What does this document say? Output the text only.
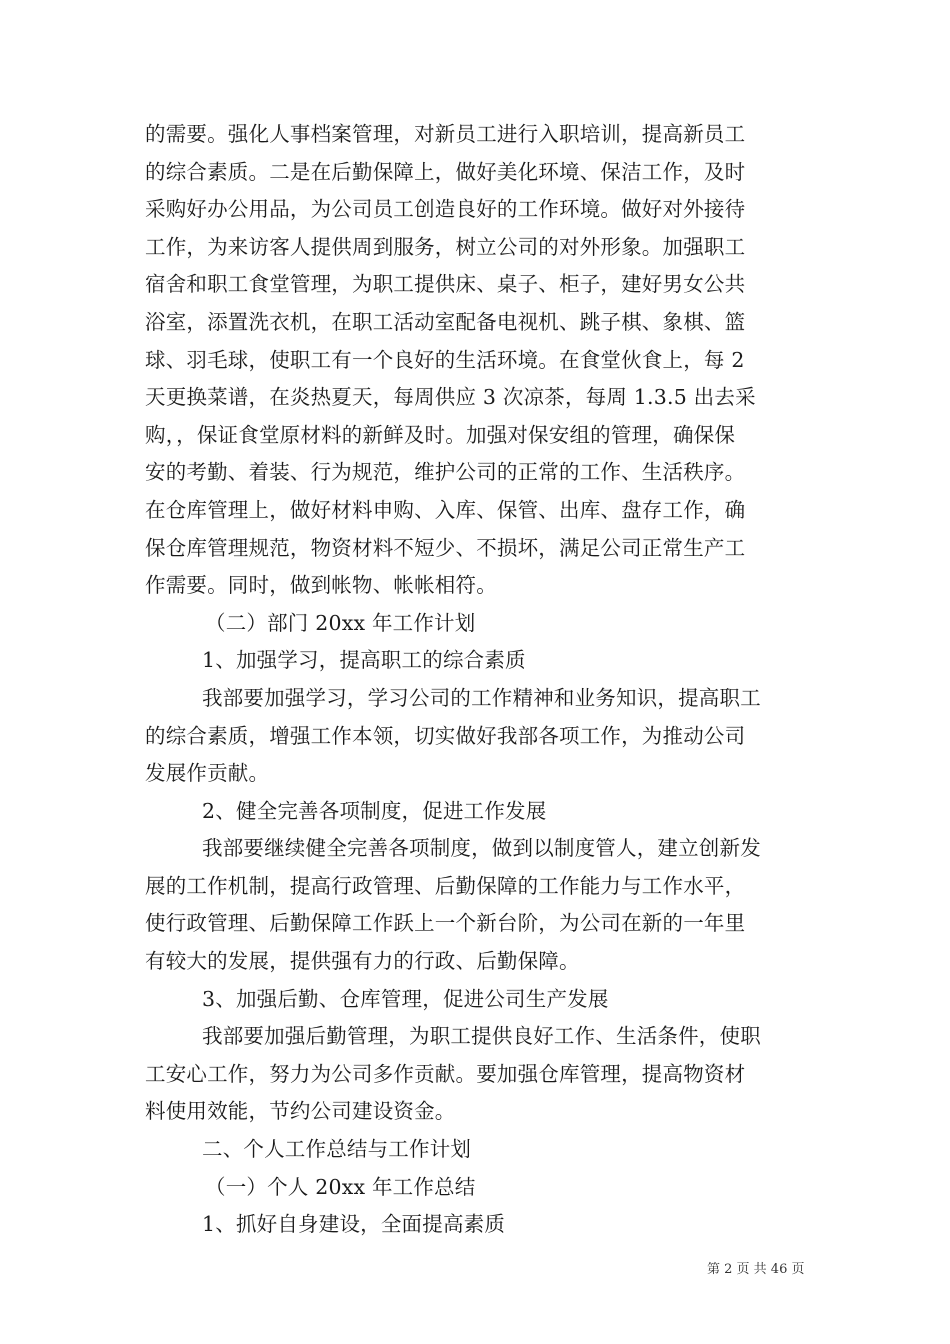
的需要。强化人事档案管理，对新员工进行入职培训，提高新员工

的综合素质。二是在后勤保障上，做好美化环境、保洁工作，及时

采购好办公用品，为公司员工创造良好的工作环境。做好对外接待

工作，为来访客人提供周到服务，树立公司的对外形象。加强职工

宿舍和职工食堂管理，为职工提供床、桌子、柜子，建好男女公共

浴室，添置洗衣机，在职工活动室配备电视机、跳子棋、象棋、篮

球、羽毛球，使职工有一个良好的生活环境。在食堂伙食上，每 2

天更换菜谱，在炎热夏天，每周供应 3 次凉茶，每周 1.3.5 出去采

购，，保证食堂原材料的新鲜及时。加强对保安组的管理，确保保

安的考勤、着装、行为规范，维护公司的正常的工作、生活秩序。

在仓库管理上，做好材料申购、入库、保管、出库、盘存工作，确

保仓库管理规范，物资材料不短少、不损坏，满足公司正常生产工

作需要。同时，做到帐物、帐帐相符。

（二）部门 20xx 年工作计划

1、加强学习，提高职工的综合素质

我部要加强学习，学习公司的工作精神和业务知识，提高职工

的综合素质，增强工作本领，切实做好我部各项工作，为推动公司

发展作贡献。

2、健全完善各项制度，促进工作发展

我部要继续健全完善各项制度，做到以制度管人，建立创新发

展的工作机制，提高行政管理、后勤保障的工作能力与工作水平，

使行政管理、后勤保障工作跃上一个新台阶，为公司在新的一年里

有较大的发展，提供强有力的行政、后勤保障。

3、加强后勤、仓库管理，促进公司生产发展

我部要加强后勤管理，为职工提供良好工作、生活条件，使职

工安心工作，努力为公司多作贡献。要加强仓库管理，提高物资材

料使用效能，节约公司建设资金。

二、个人工作总结与工作计划

（一）个人 20xx 年工作总结

1、抓好自身建设，全面提高素质

第 2 页 共 46 页
